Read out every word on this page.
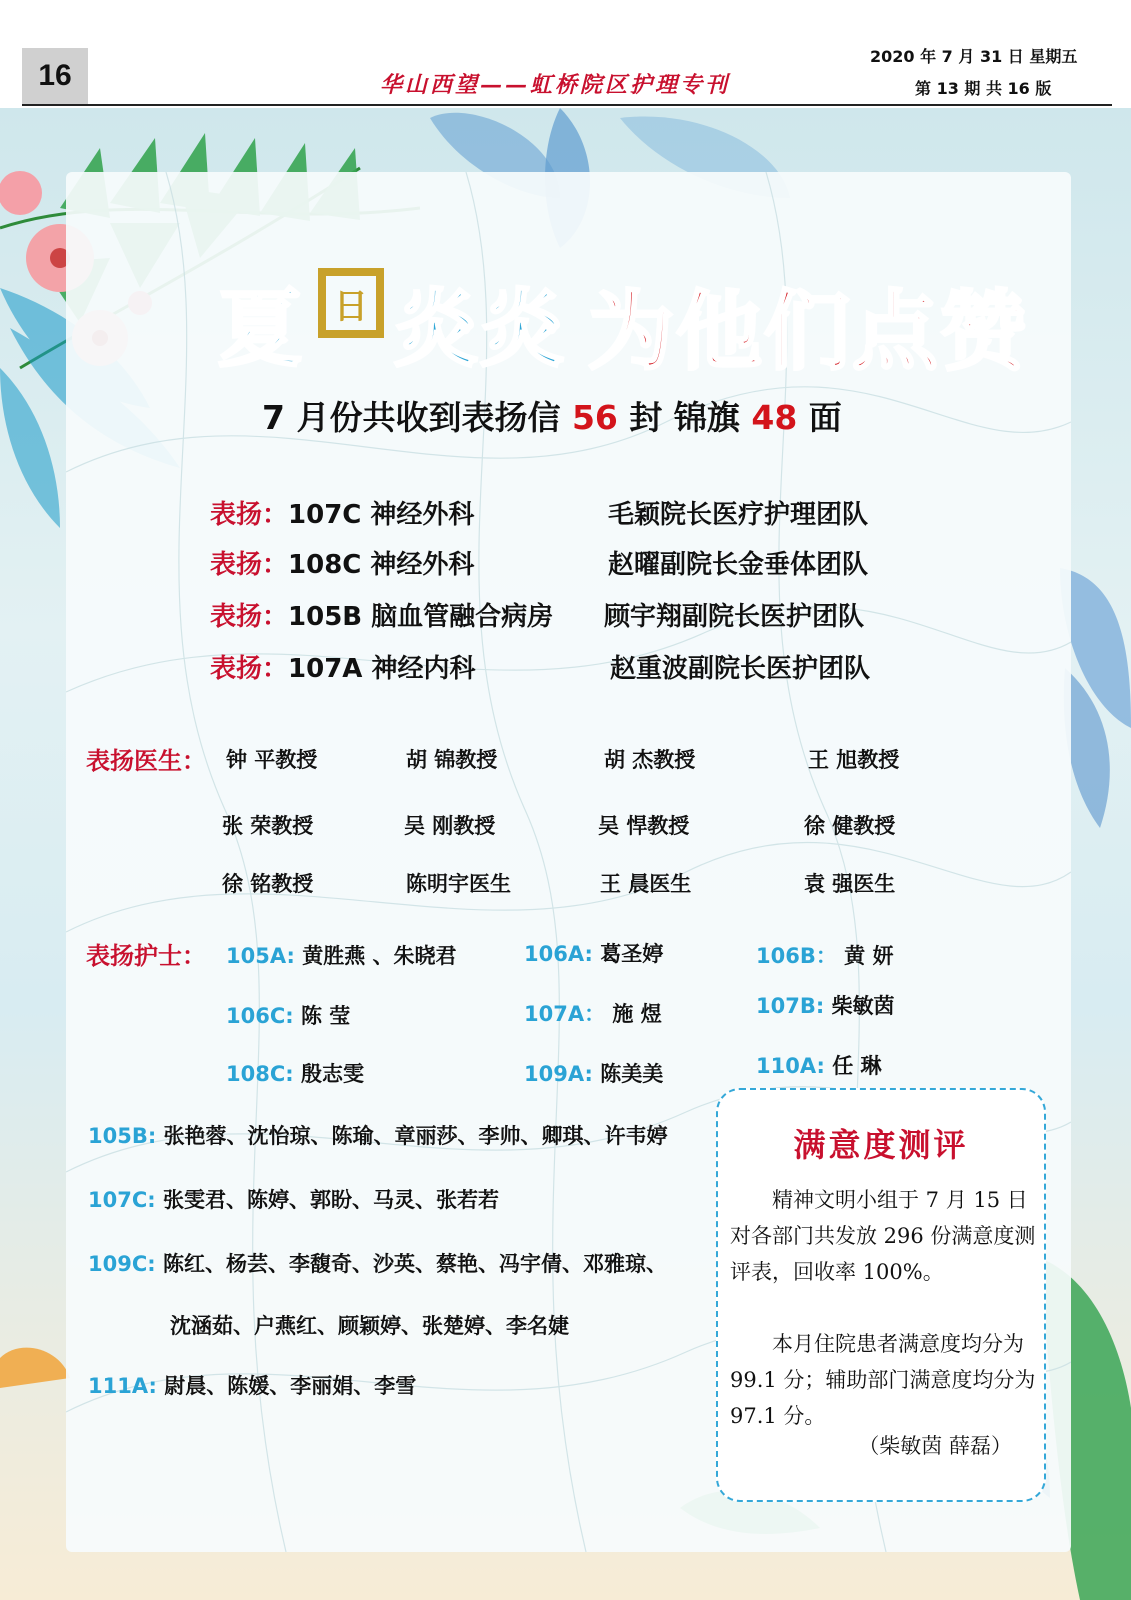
16	华山西望——虹桥院区护理专刊
2020 年 7 月 31 日 星期五
第 13 期 共 16 版
夏 日 炎炎 为他们点赞
7 月份共收到表扬信 56 封 锦旗 48 面
表扬：107C 神经外科	毛颖院长医疗护理团队
表扬：108C 神经外科	赵曜副院长金垂体团队
表扬：105B 脑血管融合病房 顾宇翔副院长医护团队
表扬：107A 神经内科	赵重波副院长医护团队
表扬医生： 钟 平教授	胡 锦教授	胡 杰教授	王 旭教授
张 荣教授	吴 刚教授	吴 悍教授	徐 健教授
徐 铭教授	陈明宇医生	王 晨医生	袁 强医生
表扬护士： 105A: 黄胜燕 、朱晓君	106A: 葛圣婷	106B： 黄 妍
106C: 陈 莹	107A： 施 煜	107B: 柴敏茵
108C: 殷志雯	109A: 陈美美	110A: 任 琳
105B: 张艳蓉、沈怡琼、陈瑜、章丽莎、李帅、卿琪、许韦婷
107C: 张雯君、陈婷、郭盼、马灵、张若若
109C: 陈红、杨芸、李馥奇、沙英、蔡艳、冯宇倩、邓雅琼、
沈涵茹、户燕红、顾颖婷、张楚婷、李名婕
111A: 尉晨、陈媛、李丽娟、李雪
满意度测评
　　精神文明小组于 7 月 15 日对各部门共发放 296 份满意度测评表，回收率 100%。
　　本月住院患者满意度均分为 99.1 分；辅助部门满意度均分为 97.1 分。
（柴敏茵 薛磊）
